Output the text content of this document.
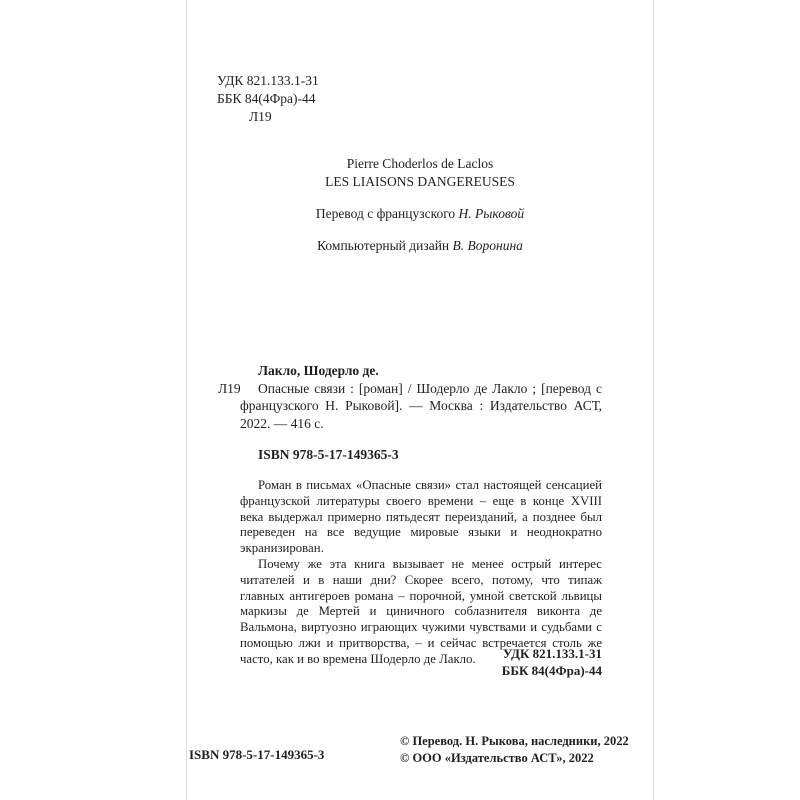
УДК 821.133.1-31
ББК 84(4Фра)-44
Л19
Pierre Choderlos de Laclos
LES LIAISONS DANGEREUSES
Перевод с французского Н. Рыковой
Компьютерный дизайн В. Воронина
Лакло, Шодерло де.
Л19	Опасные связи : [роман] / Шодерло де Лакло ; [перевод с французского Н. Рыковой]. — Москва : Издательство АСТ, 2022. — 416 с.
ISBN 978-5-17-149365-3

Роман в письмах «Опасные связи» стал настоящей сенсацией французской литературы своего времени – еще в конце XVIII века выдержал примерно пятьдесят переизданий, а позднее был переведен на все ведущие мировые языки и неоднократно экранизирован.

Почему же эта книга вызывает не менее острый интерес читателей и в наши дни? Скорее всего, потому, что типаж главных антигероев романа – порочной, умной светской львицы маркизы де Мертей и циничного соблазнителя виконта де Вальмона, виртуозно играющих чужими чувствами и судьбами с помощью лжи и притворства, – и сейчас встречается столь же часто, как и во времена Шодерло де Лакло.	УДК 821.133.1-31
ББК 84(4Фра)-44
ISBN 978-5-17-149365-3
© Перевод. Н. Рыкова, наследники, 2022
© ООО «Издательство АСТ», 2022
